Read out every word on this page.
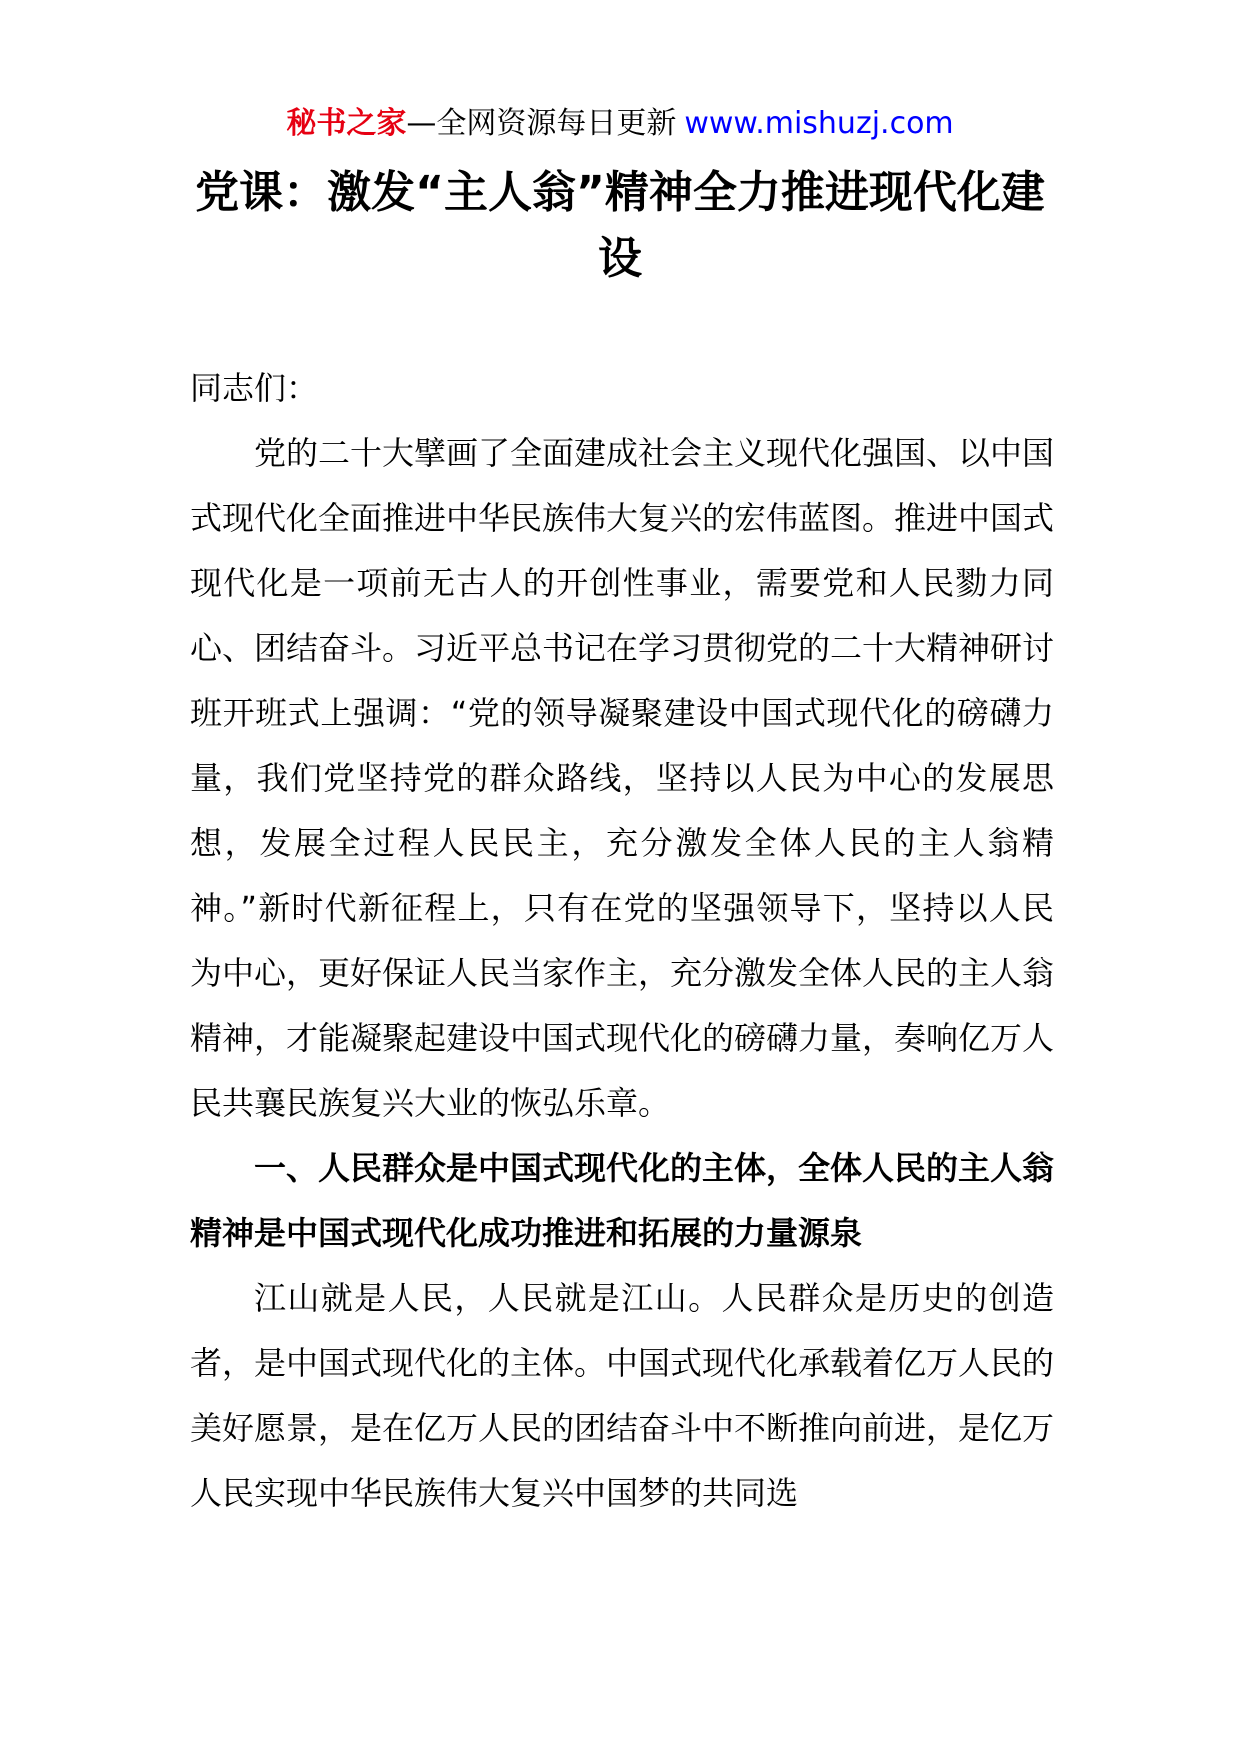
秘书之家—全网资源每日更新 www.mishuzj.com
党课：激发“主人翁”精神全力推进现代化建设

同志们：

党的二十大擘画了全面建成社会主义现代化强国、以中国式现代化全面推进中华民族伟大复兴的宏伟蓝图。推进中国式现代化是一项前无古人的开创性事业，需要党和人民勠力同心、团结奋斗。习近平总书记在学习贯彻党的二十大精神研讨班开班式上强调：“党的领导凝聚建设中国式现代化的磅礴力量，我们党坚持党的群众路线，坚持以人民为中心的发展思想，发展全过程人民民主，充分激发全体人民的主人翁精神。”新时代新征程上，只有在党的坚强领导下，坚持以人民为中心，更好保证人民当家作主，充分激发全体人民的主人翁精神，才能凝聚起建设中国式现代化的磅礴力量，奏响亿万人民共襄民族复兴大业的恢弘乐章。

一、人民群众是中国式现代化的主体，全体人民的主人翁精神是中国式现代化成功推进和拓展的力量源泉

江山就是人民，人民就是江山。人民群众是历史的创造者，是中国式现代化的主体。中国式现代化承载着亿万人民的美好愿景，是在亿万人民的团结奋斗中不断推向前进，是亿万人民实现中华民族伟大复兴中国梦的共同选
